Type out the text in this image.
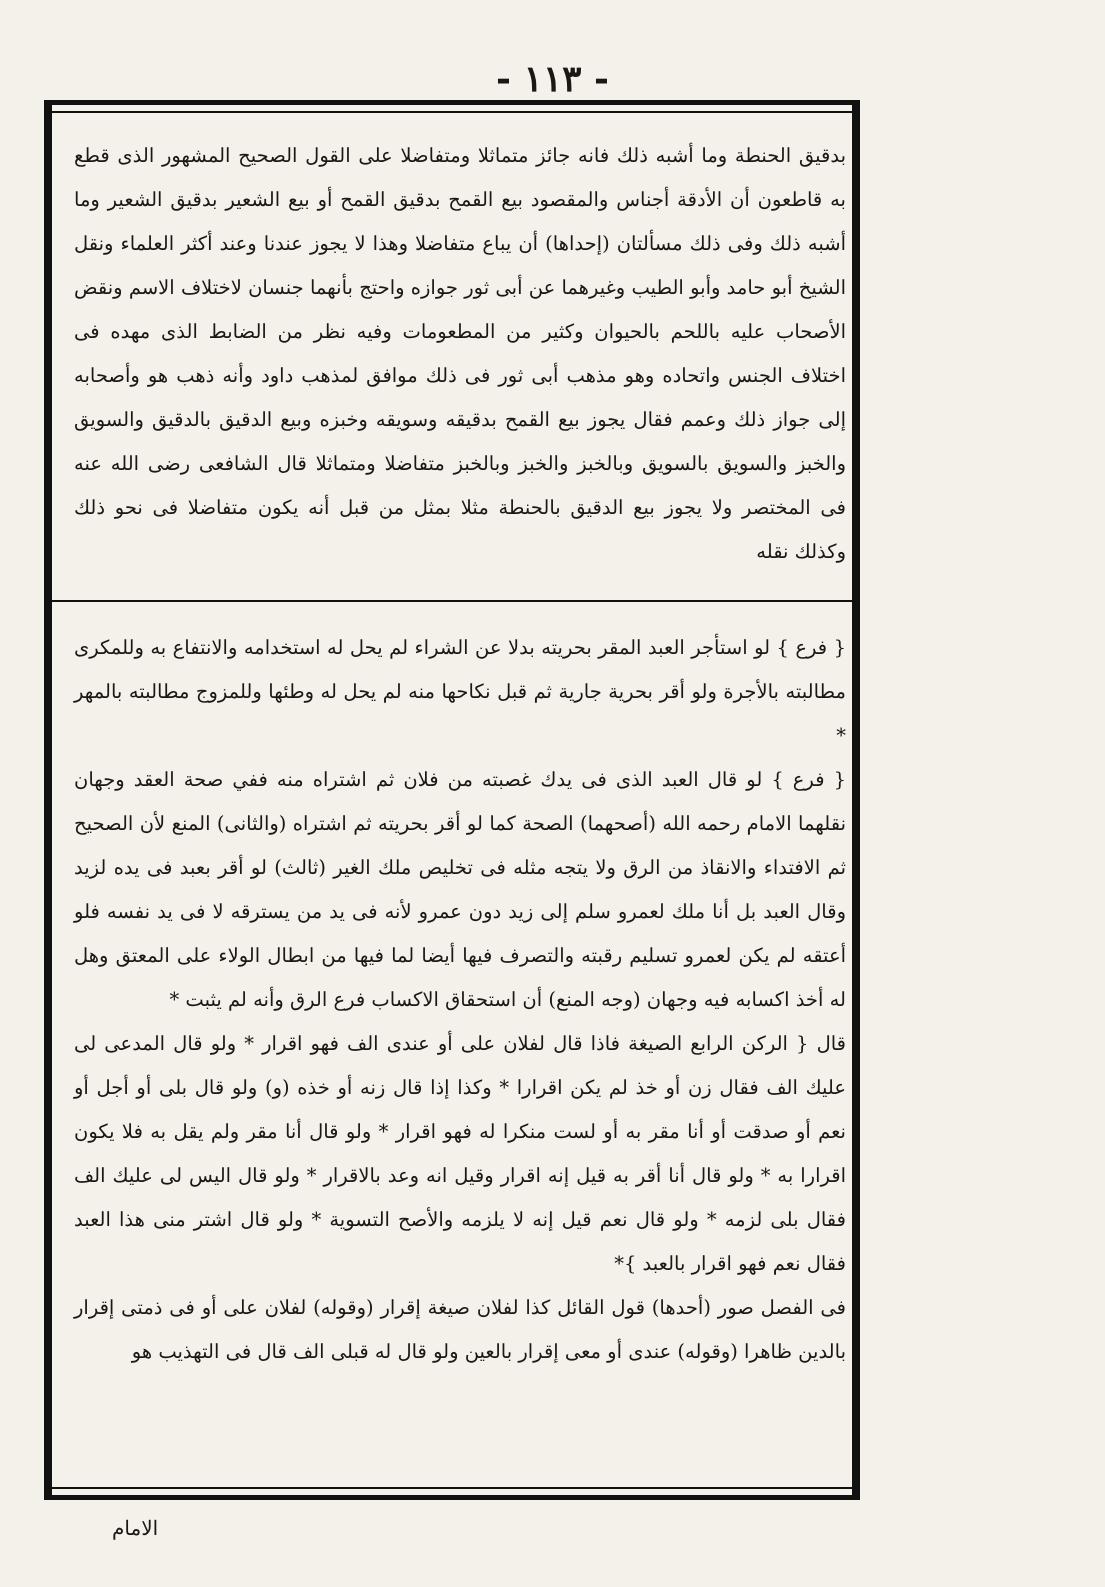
- ١١٣ -

بدقيق الحنطة وما أشبه ذلك فانه جائز متماثلا ومتفاضلا على القول الصحيح المشهور الذى قطع به قاطعون أن الأدقة أجناس والمقصود بيع القمح بدقيق القمح أو بيع الشعير بدقيق الشعير وما أشبه ذلك وفى ذلك مسألتان (إحداها) أن يباع متفاضلا وهذا لا يجوز عندنا وعند أكثر العلماء ونقل الشيخ أبو حامد وأبو الطيب وغيرهما عن أبى ثور جوازه واحتج بأنهما جنسان لاختلاف الاسم ونقض الأصحاب عليه باللحم بالحيوان وكثير من المطعومات وفيه نظر من الضابط الذى مهده فى اختلاف الجنس واتحاده وهو مذهب أبى ثور فى ذلك موافق لمذهب داود وأنه ذهب هو وأصحابه إلى جواز ذلك وعمم فقال يجوز بيع القمح بدقيقه وسويقه وخبزه وبيع الدقيق بالدقيق والسويق والخبز والسويق بالسويق وبالخبز والخبز وبالخبز متفاضلا ومتماثلا قال الشافعى رضى الله عنه فى المختصر ولا يجوز بيع الدقيق بالحنطة مثلا بمثل من قبل أنه يكون متفاضلا فى نحو ذلك وكذلك نقله

{ فرع } لو استأجر العبد المقر بحريته بدلا عن الشراء لم يحل له استخدامه والانتفاع به وللمكرى مطالبته بالأجرة ولو أقر بحرية جارية ثم قبل نكاحها منه لم يحل له وطئها وللمزوج مطالبته بالمهر *

{ فرع } لو قال العبد الذى فى يدك غصبته من فلان ثم اشتراه منه ففي صحة العقد وجهان نقلهما الامام رحمه الله (أصحهما) الصحة كما لو أقر بحريته ثم اشتراه (والثانى) المنع لأن الصحيح ثم الافتداء والانقاذ من الرق ولا يتجه مثله فى تخليص ملك الغير (ثالث) لو أقر بعبد فى يده لزيد وقال العبد بل أنا ملك لعمرو سلم إلى زيد دون عمرو لأنه فى يد من يسترقه لا فى يد نفسه فلو أعتقه لم يكن لعمرو تسليم رقبته والتصرف فيها أيضا لما فيها من ابطال الولاء على المعتق وهل له أخذ اكسابه فيه وجهان (وجه المنع) أن استحقاق الاكساب فرع الرق وأنه لم يثبت *

قال { الركن الرابع الصيغة فاذا قال لفلان على أو عندى الف فهو اقرار * ولو قال المدعى لى عليك الف فقال زن أو خذ لم يكن اقرارا * وكذا إذا قال زنه أو خذه (و) ولو قال بلى أو أجل أو نعم أو صدقت أو أنا مقر به أو لست منكرا له فهو اقرار * ولو قال أنا مقر ولم يقل به فلا يكون اقرارا به * ولو قال أنا أقر به قيل إنه اقرار وقيل انه وعد بالاقرار * ولو قال اليس لى عليك الف فقال بلى لزمه * ولو قال نعم قيل إنه لا يلزمه والأصح التسوية * ولو قال اشتر منى هذا العبد فقال نعم فهو اقرار بالعبد }*

فى الفصل صور (أحدها) قول القائل كذا لفلان صيغة إقرار (وقوله) لفلان على أو فى ذمتى إقرار بالدين ظاهرا (وقوله) عندى أو معى إقرار بالعين ولو قال له قبلى الف قال فى التهذيب هو

الامام
